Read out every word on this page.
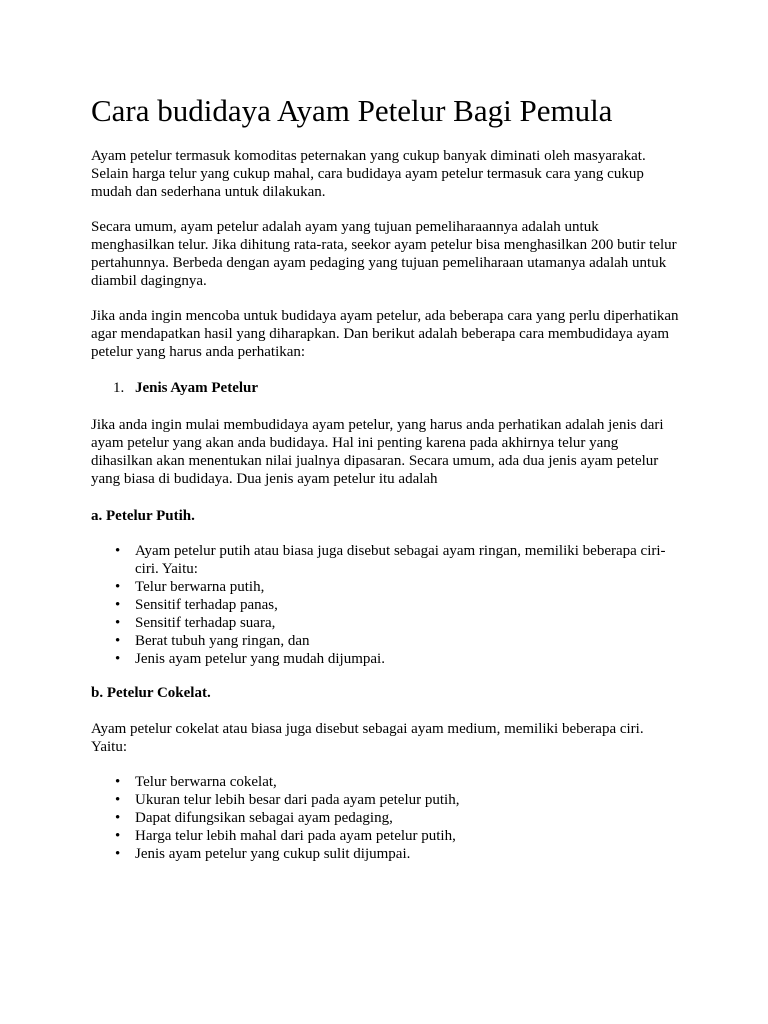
Cara budidaya Ayam Petelur Bagi Pemula

Ayam petelur termasuk komoditas peternakan yang cukup banyak diminati oleh masyarakat. Selain harga telur yang cukup mahal, cara budidaya ayam petelur termasuk cara yang cukup mudah dan sederhana untuk dilakukan.

Secara umum, ayam petelur adalah ayam yang tujuan pemeliharaannya adalah untuk menghasilkan telur. Jika dihitung rata-rata, seekor ayam petelur bisa menghasilkan 200 butir telur pertahunnya. Berbeda dengan ayam pedaging yang tujuan pemeliharaan utamanya adalah untuk diambil dagingnya.

Jika anda ingin mencoba untuk budidaya ayam petelur, ada beberapa cara yang perlu diperhatikan agar mendapatkan hasil yang diharapkan. Dan berikut adalah beberapa cara membudidaya ayam petelur yang harus anda perhatikan:

1. Jenis Ayam Petelur

Jika anda ingin mulai membudidaya ayam petelur, yang harus anda perhatikan adalah jenis dari ayam petelur yang akan anda budidaya. Hal ini penting karena pada akhirnya telur yang dihasilkan akan menentukan nilai jualnya dipasaran. Secara umum, ada dua jenis ayam petelur yang biasa di budidaya. Dua jenis ayam petelur itu adalah

a. Petelur Putih.

• Ayam petelur putih atau biasa juga disebut sebagai ayam ringan, memiliki beberapa ciri-ciri. Yaitu:
• Telur berwarna putih,
• Sensitif terhadap panas,
• Sensitif terhadap suara,
• Berat tubuh yang ringan, dan
• Jenis ayam petelur yang mudah dijumpai.

b. Petelur Cokelat.

Ayam petelur cokelat atau biasa juga disebut sebagai ayam medium, memiliki beberapa ciri. Yaitu:

• Telur berwarna cokelat,
• Ukuran telur lebih besar dari pada ayam petelur putih,
• Dapat difungsikan sebagai ayam pedaging,
• Harga telur lebih mahal dari pada ayam petelur putih,
• Jenis ayam petelur yang cukup sulit dijumpai.
